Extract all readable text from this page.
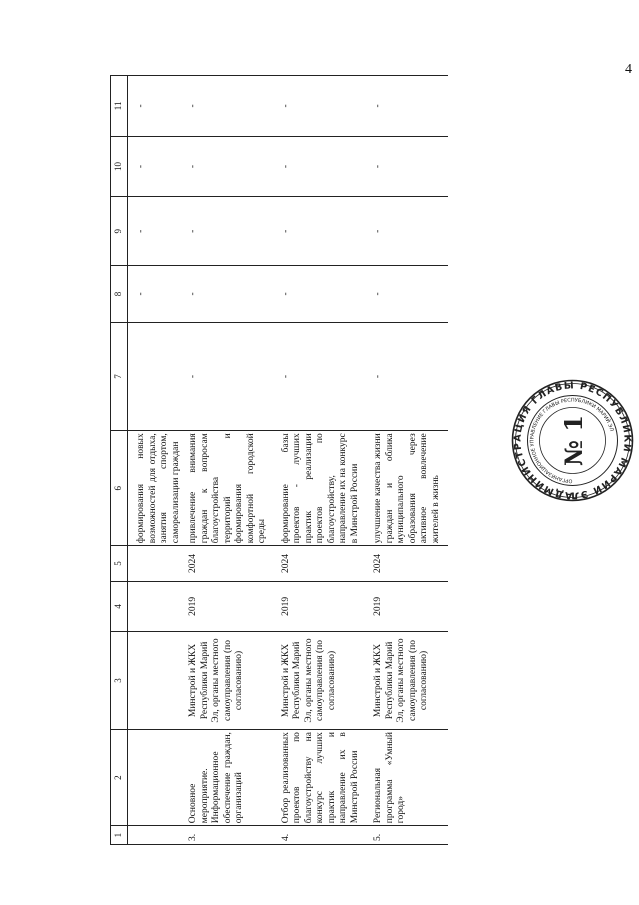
4
1	2	3	4	5	6	7	8	9	10	11
					формирования новых возможностей для отдыха, занятия спортом, самореализации граждан		-	-	-	-
3.	Основное мероприятие. Информационное обеспечение граждан, организаций	Минстрой и ЖКХ Республики Марий Эл, органы местного самоуправления (по согласованию)	2019	2024	привлечение внимания граждан к вопросам благоустройства территорий и формирования комфортной городской среды	-	-	-	-	-
4.	Отбор реализованных проектов по благоустройству на конкурс лучших практик и направление их в Минстрой России	Минстрой и ЖКХ Республики Марий Эл, органы местного самоуправления (по согласованию)	2019	2024	формирование базы проектов - лучших практик реализации проектов по благоустройству, направление их на конкурс в Минстрой России	-	-	-	-	-
5.	Региональная программа «Умный город»	Минстрой и ЖКХ Республики Марий Эл, органы местного самоуправления (по согласованию)	2019	2024	улучшение качества жизни граждан и облика муниципального образования через активное вовлечение жителей в жизнь	-	-	-	-	-
АДМИНИСТРАЦИЯ ГЛАВЫ РЕСПУБЛИКИ МАРИЙ ЭЛ
ОРГАНИЗАЦИОННОЕ УПРАВЛЕНИЕ ГЛАВЫ РЕСПУБЛИКИ МАРИЙ ЭЛ
№ 1
